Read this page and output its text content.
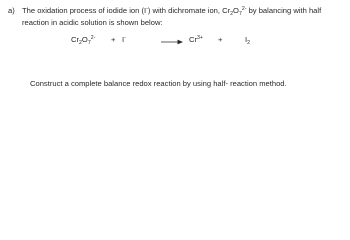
a) The oxidation process of iodide ion (I-) with dichromate ion, $Cr_2O_7^{2-}$ by balancing with half reaction in acidic solution is shown below:
$Cr_2O_7^{2-} + I^- \to Cr^{3+}$ +	$I_2$
Construct a complete balance redox reaction by using half- reaction method.
